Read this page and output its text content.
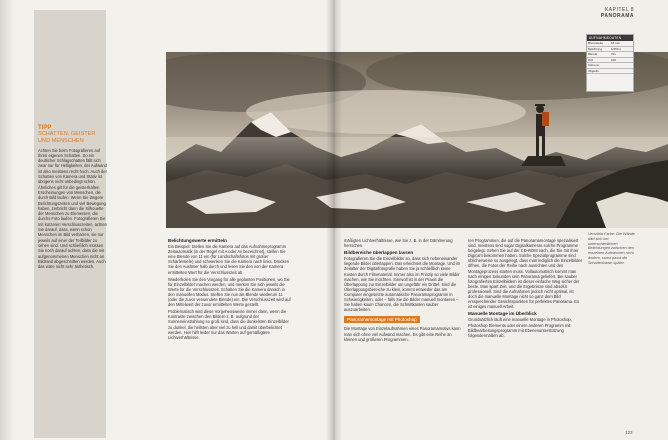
TIPP
SCHATTEN, GEISTER UND MENSCHEN
Achten Sie beim Fotografieren auf Ihren eigenen Schatten. So ein deutlicher Schlagschatten fällt sich zwar nur für Helligkeiten, der Aufwand ist also meistens recht hoch. Auch der Schatten von Kamera und Stativ ist übrigens nicht unbedingt schön. Ähnliches gilt für die geisterhaften Erscheinungen von Menschen, die durch Bild laufen. Wenn Sie längere Belichtungszeiten und viel Bewegung haben, zerbricht dann die Silhouette der Menschen zu Elementen, die durchs Foto laufen. Fotografieren Sie mit kürzeren Verschlusszeiten, achten Sie darauf, dass, wenn schon Menschen im Bild verharren, sie nur jeweils auf einer der Teilbilder zu sehen sind. Und schließlich müssen Sie noch darauf achten, dass die mit aufgenommenen Menschen nicht an Bildrand abgeschnitten werden. Auch das wäre nicht sehr ästhetisch.
KAPITEL 8
PANORAMA
AUFNAHMEDATEN
Brennweite	18 mm
Belichtung	1/250 s
Blende	f/11
ISO	100
Kamera
Objektiv
Belichtungswerte ermitteln

Ein Beispiel: Stellen Sie die Kamera auf das Aufnahmeprogramm Zeitautomatik (in der Regel mit A oder Av bezeichnet), stellen Sie eine Blende von 11 ein (für Landschaftsfotos mit großer Schärfentiefe) und schwenken Sie die Kamera nach links. Drücken Sie den Auslöser halb durch und lesen Sie den von der Kamera ermittelten Wert für die Verschlusszeit ab.

Wiederholen Sie den Vorgang für alle geplanten Positionen, wo Sie für Einzelbilder machen werden, und merken Sie sich jeweils die Werte für die Verschlusszeit. Schalten Sie die Kamera danach in den manuellen Modus. Stellen Sie nun als Blende wiederum 11 (oder die zuvor verwendete Blende) ein. Die Verschlusszeit wird auf den Mittelwert der zuvor ermittelten Werte gestellt.

Problematisch wird diese Vorgehensweise immer dann, wenn die Kontraste zwischen den Bildern z. B. aufgrund der Sonneneinstrahlung so groß sind, dass die dunkelsten Einzelbilder zu dunkel, die hellsten aber viel zu hell und damit überbelichtet werden. Hier hilft leider nur das Warten auf gemäßigtere Lichtverhältnisse.

mäßigten Lichtverhältnisse, wie Sie z. B. in der Dämmerung herrschen.

Bildbereiche überlappen lassen

Fotografieren Sie die Einzelbilder so, dass sich nebeneinander liegende Bilder überlappen. Das erleichtert die Montage. Und im Zeitalter der Digitalfotografie haben Sie ja schließlich keine Kosten durch Filmmaterial. Immer also im Prinzip so viele Bilder machen, wie Sie möchten. Sinnvoll ist in der Praxis die Überlappung zur Einzelbilder um ungefähr ein Drittel. Sind die Überlappungsbereiche zu klein, kommt entweder das am Computer eingesetzte automatische Panoramaprogramm in Schwierigkeiten, oder – falls Sie die Bilder manuell montieren – Sie haben kaum Chancen, die Schnittkanten sauber auszuarbeiten.

Panoramamontage mit Photoshop

Die Montage von Einzelaufnahmen eines Panoramamotivs kann man sich ohne viel Aufwand machen. Es gibt eine Reihe an kleinen und größeren Programmen.

ren Programmen, die auf die Panoramamontage spezialisiert sind, meistens sind sogar Digitalkameras solche Programme beigelegt. Sehen Sie auf der CD-ROM nach, die Sie mit Ihrer Digicam bekommen haben. Solche Spezialprogramme sind üblicherweise so ausgelegt, dass man lediglich die Einzelbilder öffnen, die Fotos der Reihe nach ausrichten und den Montageprozess starten muss. Vollautomatisch kommt man nach einigen Sekunden sein Panorama geliefert. Bei sauber fotografierten Einzelbildern ist dieser einfache Weg sicher der beste. Man spart Zeit, und die Ergebnisse sind absolut professionell. Sind die Aufnahmen jedoch nicht optimal, ist doch die manuelle Montage nicht so ganz dem Bild entsprechender Gesichtspunkten für perfektes Panorama. Es ist einiges manuell Arbeit.

Manuelle Montage im Überblick

Grundsätzlich läuft eine manuelle Montage in Photoshop, Photoshop Elements oder einem anderen Programm mit Bildbearbeitungsprogramm mit Ebenenunterstützung folgendermaßen ab:

Verstärkt Farbe: Die Wände darf sich bei unterschiedlichen Belichtungen zwischen den einzelnen Aufnahmen nicht ändern, sonst passt die Schattenkante später.
123
